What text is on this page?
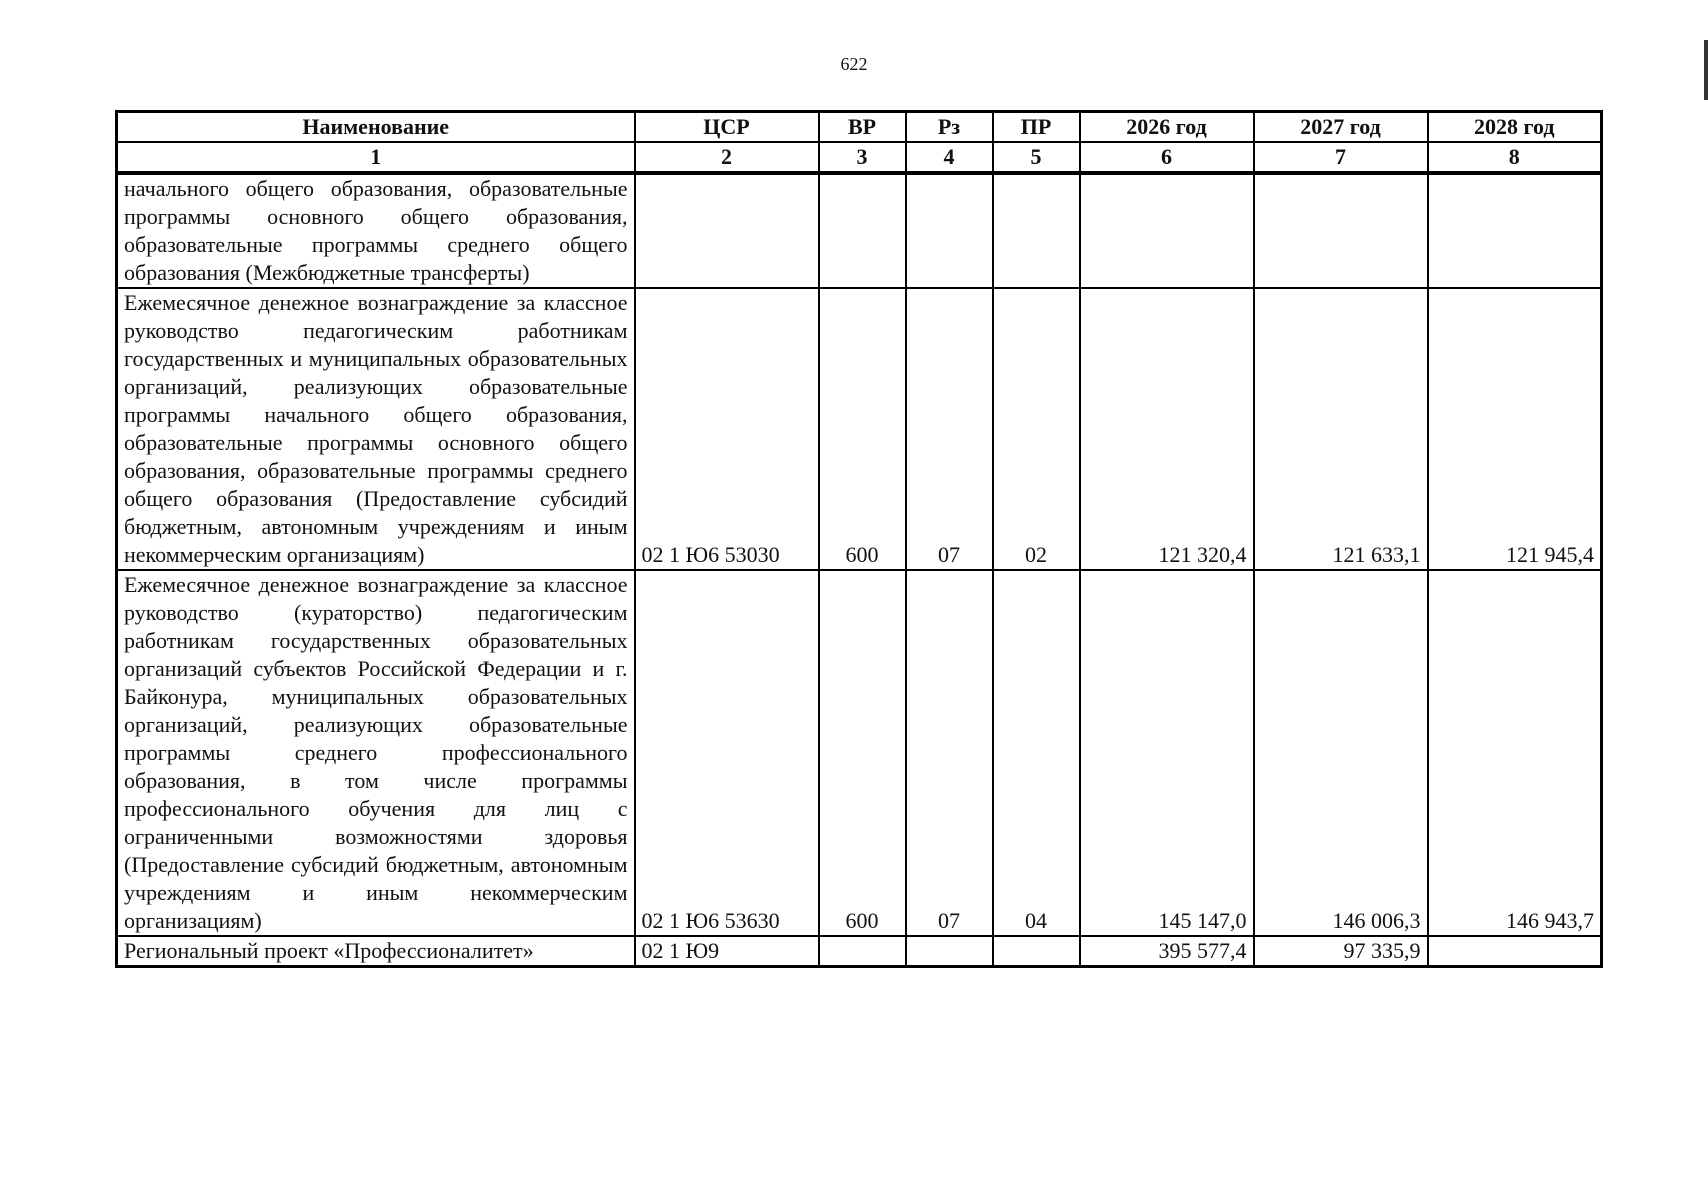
622
Наименование	ЦСР	ВР	Рз	ПР	2026 год	2027 год	2028 год
1	2	3	4	5	6	7	8
начального общего образования, образовательные программы основного общего образования, образовательные программы среднего общего образования (Межбюджетные трансферты)							
Ежемесячное денежное вознаграждение за классное руководство педагогическим работникам государственных и муниципальных образовательных организаций, реализующих образовательные программы начального общего образования, образовательные программы основного общего образования, образовательные программы среднего общего образования (Предоставление субсидий бюджетным, автономным учреждениям и иным некоммерческим организациям)	02 1 Ю6 53030	600	07	02	121 320,4	121 633,1	121 945,4
Ежемесячное денежное вознаграждение за классное руководство (кураторство) педагогическим работникам государственных образовательных организаций субъектов Российской Федерации и г. Байконура, муниципальных образовательных организаций, реализующих образовательные программы среднего профессионального образования, в том числе программы профессионального обучения для лиц с ограниченными возможностями здоровья (Предоставление субсидий бюджетным, автономным учреждениям и иным некоммерческим организациям)	02 1 Ю6 53630	600	07	04	145 147,0	146 006,3	146 943,7
Региональный проект «Профессионалитет»	02 1 Ю9				395 577,4	97 335,9	
